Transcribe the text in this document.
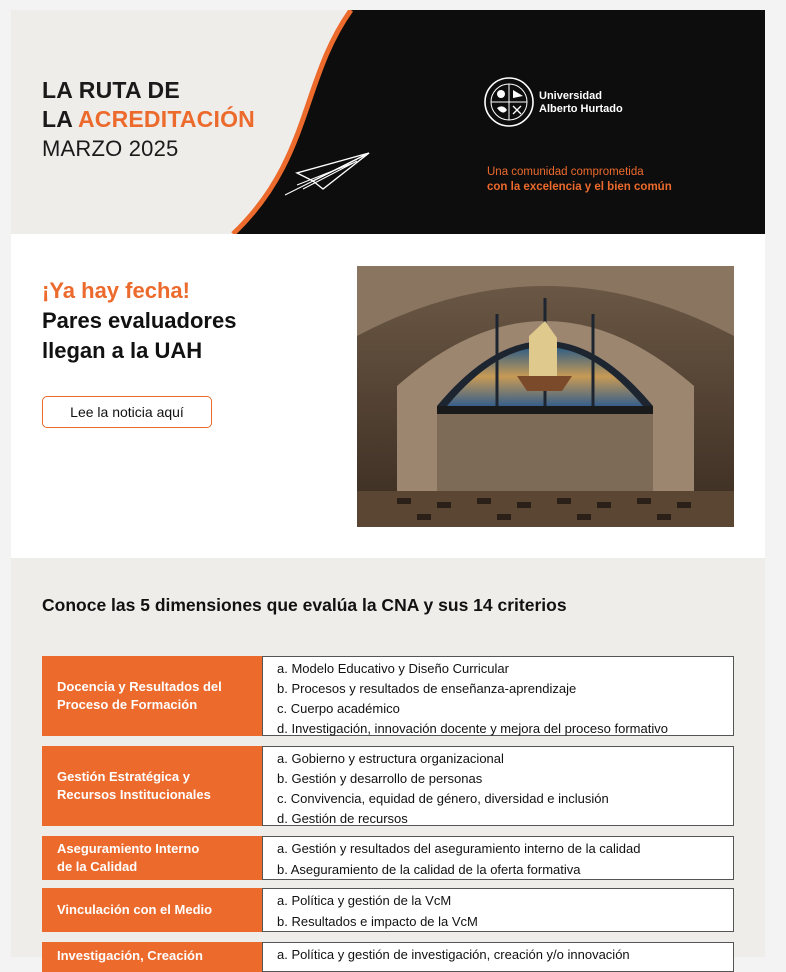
LA RUTA DE
LA ACREDITACIÓN
MARZO 2025
Universidad
Alberto Hurtado
Una comunidad comprometida
con la excelencia y el bien común
¡Ya hay fecha!
Pares evaluadores
llegan a la UAH
Lee la noticia aquí
Conoce las 5 dimensiones que evalúa la CNA y sus 14 criterios
Docencia y Resultados del
Proceso de Formación
a. Modelo Educativo y Diseño Curricular
b. Procesos y resultados de enseñanza-aprendizaje
c. Cuerpo académico
d. Investigación, innovación docente y mejora del proceso formativo
Gestión Estratégica y
Recursos Institucionales
a. Gobierno y estructura organizacional
b. Gestión y desarrollo de personas
c. Convivencia, equidad de género, diversidad e inclusión
d. Gestión de recursos
Aseguramiento Interno
de la Calidad
a. Gestión y resultados del aseguramiento interno de la calidad
b. Aseguramiento de la calidad de la oferta formativa
Vinculación con el Medio
a. Política y gestión de la VcM
b. Resultados e impacto de la VcM
Investigación, Creación	a. Política y gestión de investigación, creación y/o innovación
